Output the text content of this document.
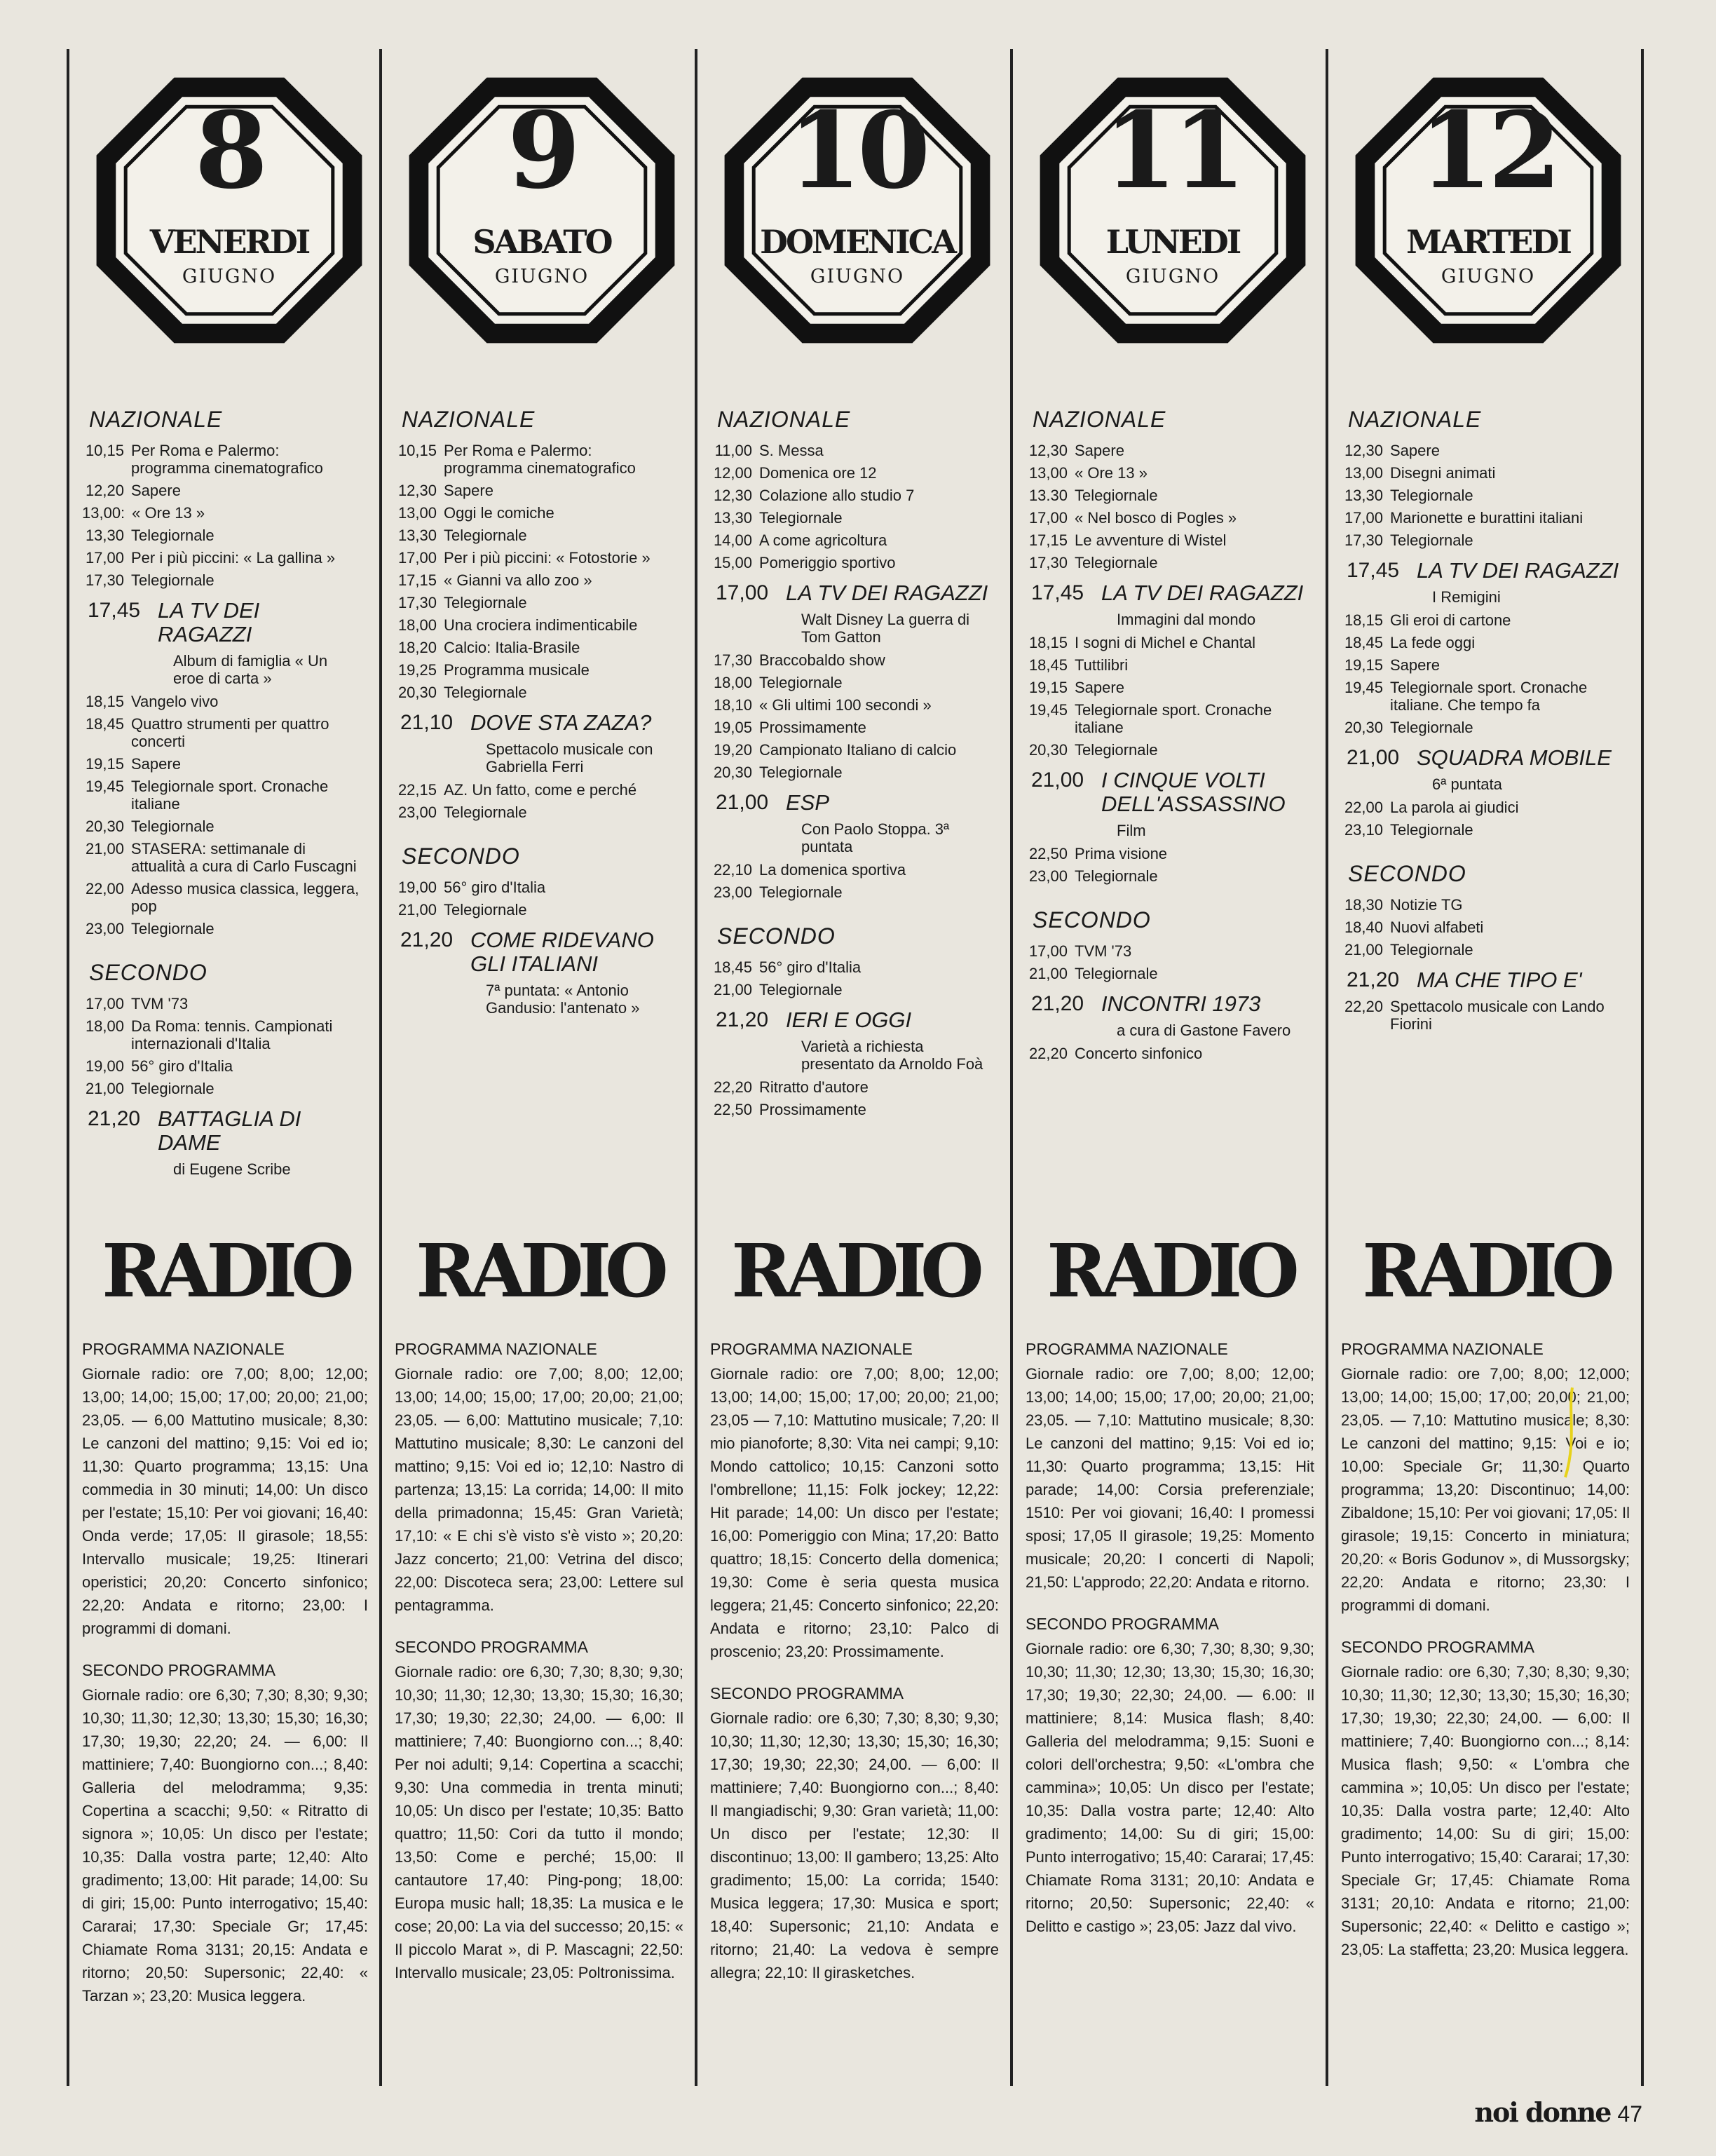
8
VENERDI
GIUGNO
NAZIONALE
10,15 Per Roma e Palermo: programma cinematografico
12,20 Sapere
13,00: « Ore 13 »
13,30 Telegiornale
17,00 Per i più piccini: « La gallina »
17,30 Telegiornale
17,45 LA TV DEI RAGAZZI
Album di famiglia « Un eroe di carta »
18,15 Vangelo vivo
18,45 Quattro strumenti per quattro concerti
19,15 Sapere
19,45 Telegiornale sport. Cronache italiane
20,30 Telegiornale
21,00 STASERA: settimanale di attualità a cura di Carlo Fuscagni
22,00 Adesso musica classica, leggera, pop
23,00 Telegiornale
SECONDO
17,00 TVM '73
18,00 Da Roma: tennis. Campionati internazionali d'Italia
19,00 56° giro d'Italia
21,00 Telegiornale
21,20 BATTAGLIA DI DAME
di Eugene Scribe
RADIO
PROGRAMMA NAZIONALE
Giornale radio: ore 7,00; 8,00; 12,00; 13,00; 14,00; 15,00; 17,00; 20,00; 21,00; 23,05. — 6,00 Mattutino musicale; 8,30: Le canzoni del mattino; 9,15: Voi ed io; 11,30: Quarto programma; 13,15: Una commedia in 30 minuti; 14,00: Un disco per l'estate; 15,10: Per voi giovani; 16,40: Onda verde; 17,05: Il girasole; 18,55: Intervallo musicale; 19,25: Itinerari operistici; 20,20: Concerto sinfonico; 22,20: Andata e ritorno; 23,00: I programmi di domani.
SECONDO PROGRAMMA
Giornale radio: ore 6,30; 7,30; 8,30; 9,30; 10,30; 11,30; 12,30; 13,30; 15,30; 16,30; 17,30; 19,30; 22,20; 24. — 6,00: Il mattiniere; 7,40: Buongiorno con...; 8,40: Galleria del melodramma; 9,35: Copertina a scacchi; 9,50: « Ritratto di signora »; 10,05: Un disco per l'estate; 10,35: Dalla vostra parte; 12,40: Alto gradimento; 13,00: Hit parade; 14,00: Su di giri; 15,00: Punto interrogativo; 15,40: Cararai; 17,30: Speciale Gr; 17,45: Chiamate Roma 3131; 20,15: Andata e ritorno; 20,50: Supersonic; 22,40: « Tarzan »; 23,20: Musica leggera.
9
SABATO
GIUGNO
NAZIONALE
10,15 Per Roma e Palermo: programma cinematografico
12,30 Sapere
13,00 Oggi le comiche
13,30 Telegiornale
17,00 Per i più piccini: « Fotostorie »
17,15 « Gianni va allo zoo »
17,30 Telegiornale
18,00 Una crociera indimenticabile
18,20 Calcio: Italia-Brasile
19,25 Programma musicale
20,30 Telegiornale
21,10 DOVE STA ZAZA?
Spettacolo musicale con Gabriella Ferri
22,15 AZ. Un fatto, come e perché
23,00 Telegiornale
SECONDO
19,00 56° giro d'Italia
21,00 Telegiornale
21,20 COME RIDEVANO GLI ITALIANI
7ª puntata: « Antonio Gandusio: l'antenato »
RADIO
PROGRAMMA NAZIONALE
Giornale radio: ore 7,00; 8,00; 12,00; 13,00; 14,00; 15,00; 17,00; 20,00; 21,00; 23,05. — 6,00: Mattutino musicale; 7,10: Mattutino musicale; 8,30: Le canzoni del mattino; 9,15: Voi ed io; 12,10: Nastro di partenza; 13,15: La corrida; 14,00: Il mito della primadonna; 15,45: Gran Varietà; 17,10: « E chi s'è visto s'è visto »; 20,20: Jazz concerto; 21,00: Vetrina del disco; 22,00: Discoteca sera; 23,00: Lettere sul pentagramma.
SECONDO PROGRAMMA
Giornale radio: ore 6,30; 7,30; 8,30; 9,30; 10,30; 11,30; 12,30; 13,30; 15,30; 16,30; 17,30; 19,30; 22,30; 24,00. — 6,00: Il mattiniere; 7,40: Buongiorno con...; 8,40: Per noi adulti; 9,14: Copertina a scacchi; 9,30: Una commedia in trenta minuti; 10,05: Un disco per l'estate; 10,35: Batto quattro; 11,50: Cori da tutto il mondo; 13,50: Come e perché; 15,00: Il cantautore 17,40: Ping-pong; 18,00: Europa music hall; 18,35: La musica e le cose; 20,00: La via del successo; 20,15: « Il piccolo Marat », di P. Mascagni; 22,50: Intervallo musicale; 23,05: Poltronissima.
10
DOMENICA
GIUGNO
NAZIONALE
11,00 S. Messa
12,00 Domenica ore 12
12,30 Colazione allo studio 7
13,30 Telegiornale
14,00 A come agricoltura
15,00 Pomeriggio sportivo
17,00 LA TV DEI RAGAZZI
Walt Disney La guerra di Tom Gatton
17,30 Braccobaldo show
18,00 Telegiornale
18,10 « Gli ultimi 100 secondi »
19,05 Prossimamente
19,20 Campionato Italiano di calcio
20,30 Telegiornale
21,00 ESP
Con Paolo Stoppa. 3ª puntata
22,10 La domenica sportiva
23,00 Telegiornale
SECONDO
18,45 56° giro d'Italia
21,00 Telegiornale
21,20 IERI E OGGI
Varietà a richiesta presentato da Arnoldo Foà
22,20 Ritratto d'autore
22,50 Prossimamente
RADIO
PROGRAMMA NAZIONALE
Giornale radio: ore 7,00; 8,00; 12,00; 13,00; 14,00; 15,00; 17,00; 20,00; 21,00; 23,05 — 7,10: Mattutino musicale; 7,20: Il mio pianoforte; 8,30: Vita nei campi; 9,10: Mondo cattolico; 10,15: Canzoni sotto l'ombrellone; 11,15: Folk jockey; 12,22: Hit parade; 14,00: Un disco per l'estate; 16,00: Pomeriggio con Mina; 17,20: Batto quattro; 18,15: Concerto della domenica; 19,30: Come è seria questa musica leggera; 21,45: Concerto sinfonico; 22,20: Andata e ritorno; 23,10: Palco di proscenio; 23,20: Prossimamente.
SECONDO PROGRAMMA
Giornale radio: ore 6,30; 7,30; 8,30; 9,30; 10,30; 11,30; 12,30; 13,30; 15,30; 16,30; 17,30; 19,30; 22,30; 24,00. — 6,00: Il mattiniere; 7,40: Buongiorno con...; 8,40: Il mangiadischi; 9,30: Gran varietà; 11,00: Un disco per l'estate; 12,30: Il discontinuo; 13,00: Il gambero; 13,25: Alto gradimento; 15,00: La corrida; 1540: Musica leggera; 17,30: Musica e sport; 18,40: Supersonic; 21,10: Andata e ritorno; 21,40: La vedova è sempre allegra; 22,10: Il girasketches.
11
LUNEDI
GIUGNO
NAZIONALE
12,30 Sapere
13,00 « Ore 13 »
13.30 Telegiornale
17,00 « Nel bosco di Pogles »
17,15 Le avventure di Wistel
17,30 Telegiornale
17,45 LA TV DEI RAGAZZI
Immagini dal mondo
18,15 I sogni di Michel e Chantal
18,45 Tuttilibri
19,15 Sapere
19,45 Telegiornale sport. Cronache italiane
20,30 Telegiornale
21,00 I CINQUE VOLTI DELL'ASSASSINO
Film
22,50 Prima visione
23,00 Telegiornale
SECONDO
17,00 TVM '73
21,00 Telegiornale
21,20 INCONTRI 1973
a cura di Gastone Favero
22,20 Concerto sinfonico
RADIO
PROGRAMMA NAZIONALE
Giornale radio: ore 7,00; 8,00; 12,00; 13,00; 14,00; 15,00; 17,00; 20,00; 21,00; 23,05. — 7,10: Mattutino musicale; 8,30: Le canzoni del mattino; 9,15: Voi ed io; 11,30: Quarto programma; 13,15: Hit parade; 14,00: Corsia preferenziale; 1510: Per voi giovani; 16,40: I promessi sposi; 17,05 Il girasole; 19,25: Momento musicale; 20,20: I concerti di Napoli; 21,50: L'approdo; 22,20: Andata e ritorno.
SECONDO PROGRAMMA
Giornale radio: ore 6,30; 7,30; 8,30; 9,30; 10,30; 11,30; 12,30; 13,30; 15,30; 16,30; 17,30; 19,30; 22,30; 24,00. — 6.00: Il mattiniere; 8,14: Musica flash; 8,40: Galleria del melodramma; 9,15: Suoni e colori dell'orchestra; 9,50: «L'ombra che cammina»; 10,05: Un disco per l'estate; 10,35: Dalla vostra parte; 12,40: Alto gradimento; 14,00: Su di giri; 15,00: Punto interrogativo; 15,40: Cararai; 17,45: Chiamate Roma 3131; 20,10: Andata e ritorno; 20,50: Supersonic; 22,40: « Delitto e castigo »; 23,05: Jazz dal vivo.
12
MARTEDI
GIUGNO
NAZIONALE
12,30 Sapere
13,00 Disegni animati
13,30 Telegiornale
17,00 Marionette e burattini italiani
17,30 Telegiornale
17,45 LA TV DEI RAGAZZI
I Remigini
18,15 Gli eroi di cartone
18,45 La fede oggi
19,15 Sapere
19,45 Telegiornale sport. Cronache italiane. Che tempo fa
20,30 Telegiornale
21,00 SQUADRA MOBILE
6ª puntata
22,00 La parola ai giudici
23,10 Telegiornale
SECONDO
18,30 Notizie TG
18,40 Nuovi alfabeti
21,00 Telegiornale
21,20 MA CHE TIPO E'
22,20 Spettacolo musicale con Lando Fiorini
RADIO
PROGRAMMA NAZIONALE
Giornale radio: ore 7,00; 8,00; 12,000; 13,00; 14,00; 15,00; 17,00; 20,00; 21,00; 23,05. — 7,10: Mattutino musicale; 8,30: Le canzoni del mattino; 9,15: Voi e io; 10,00: Speciale Gr; 11,30: Quarto programma; 13,20: Discontinuo; 14,00: Zibaldone; 15,10: Per voi giovani; 17,05: Il girasole; 19,15: Concerto in miniatura; 20,20: « Boris Godunov », di Mussorgsky; 22,20: Andata e ritorno; 23,30: I programmi di domani.
SECONDO PROGRAMMA
Giornale radio: ore 6,30; 7,30; 8,30; 9,30; 10,30; 11,30; 12,30; 13,30; 15,30; 16,30; 17,30; 19,30; 22,30; 24,00. — 6,00: Il mattiniere; 7,40: Buongiorno con...; 8,14: Musica flash; 9,50: « L'ombra che cammina »; 10,05: Un disco per l'estate; 10,35: Dalla vostra parte; 12,40: Alto gradimento; 14,00: Su di giri; 15,00: Punto interrogativo; 15,40: Cararai; 17,30: Speciale Gr; 17,45: Chiamate Roma 3131; 20,10: Andata e ritorno; 21,00: Supersonic; 22,40: « Delitto e castigo »; 23,05: La staffetta; 23,20: Musica leggera.
noi donne 47
